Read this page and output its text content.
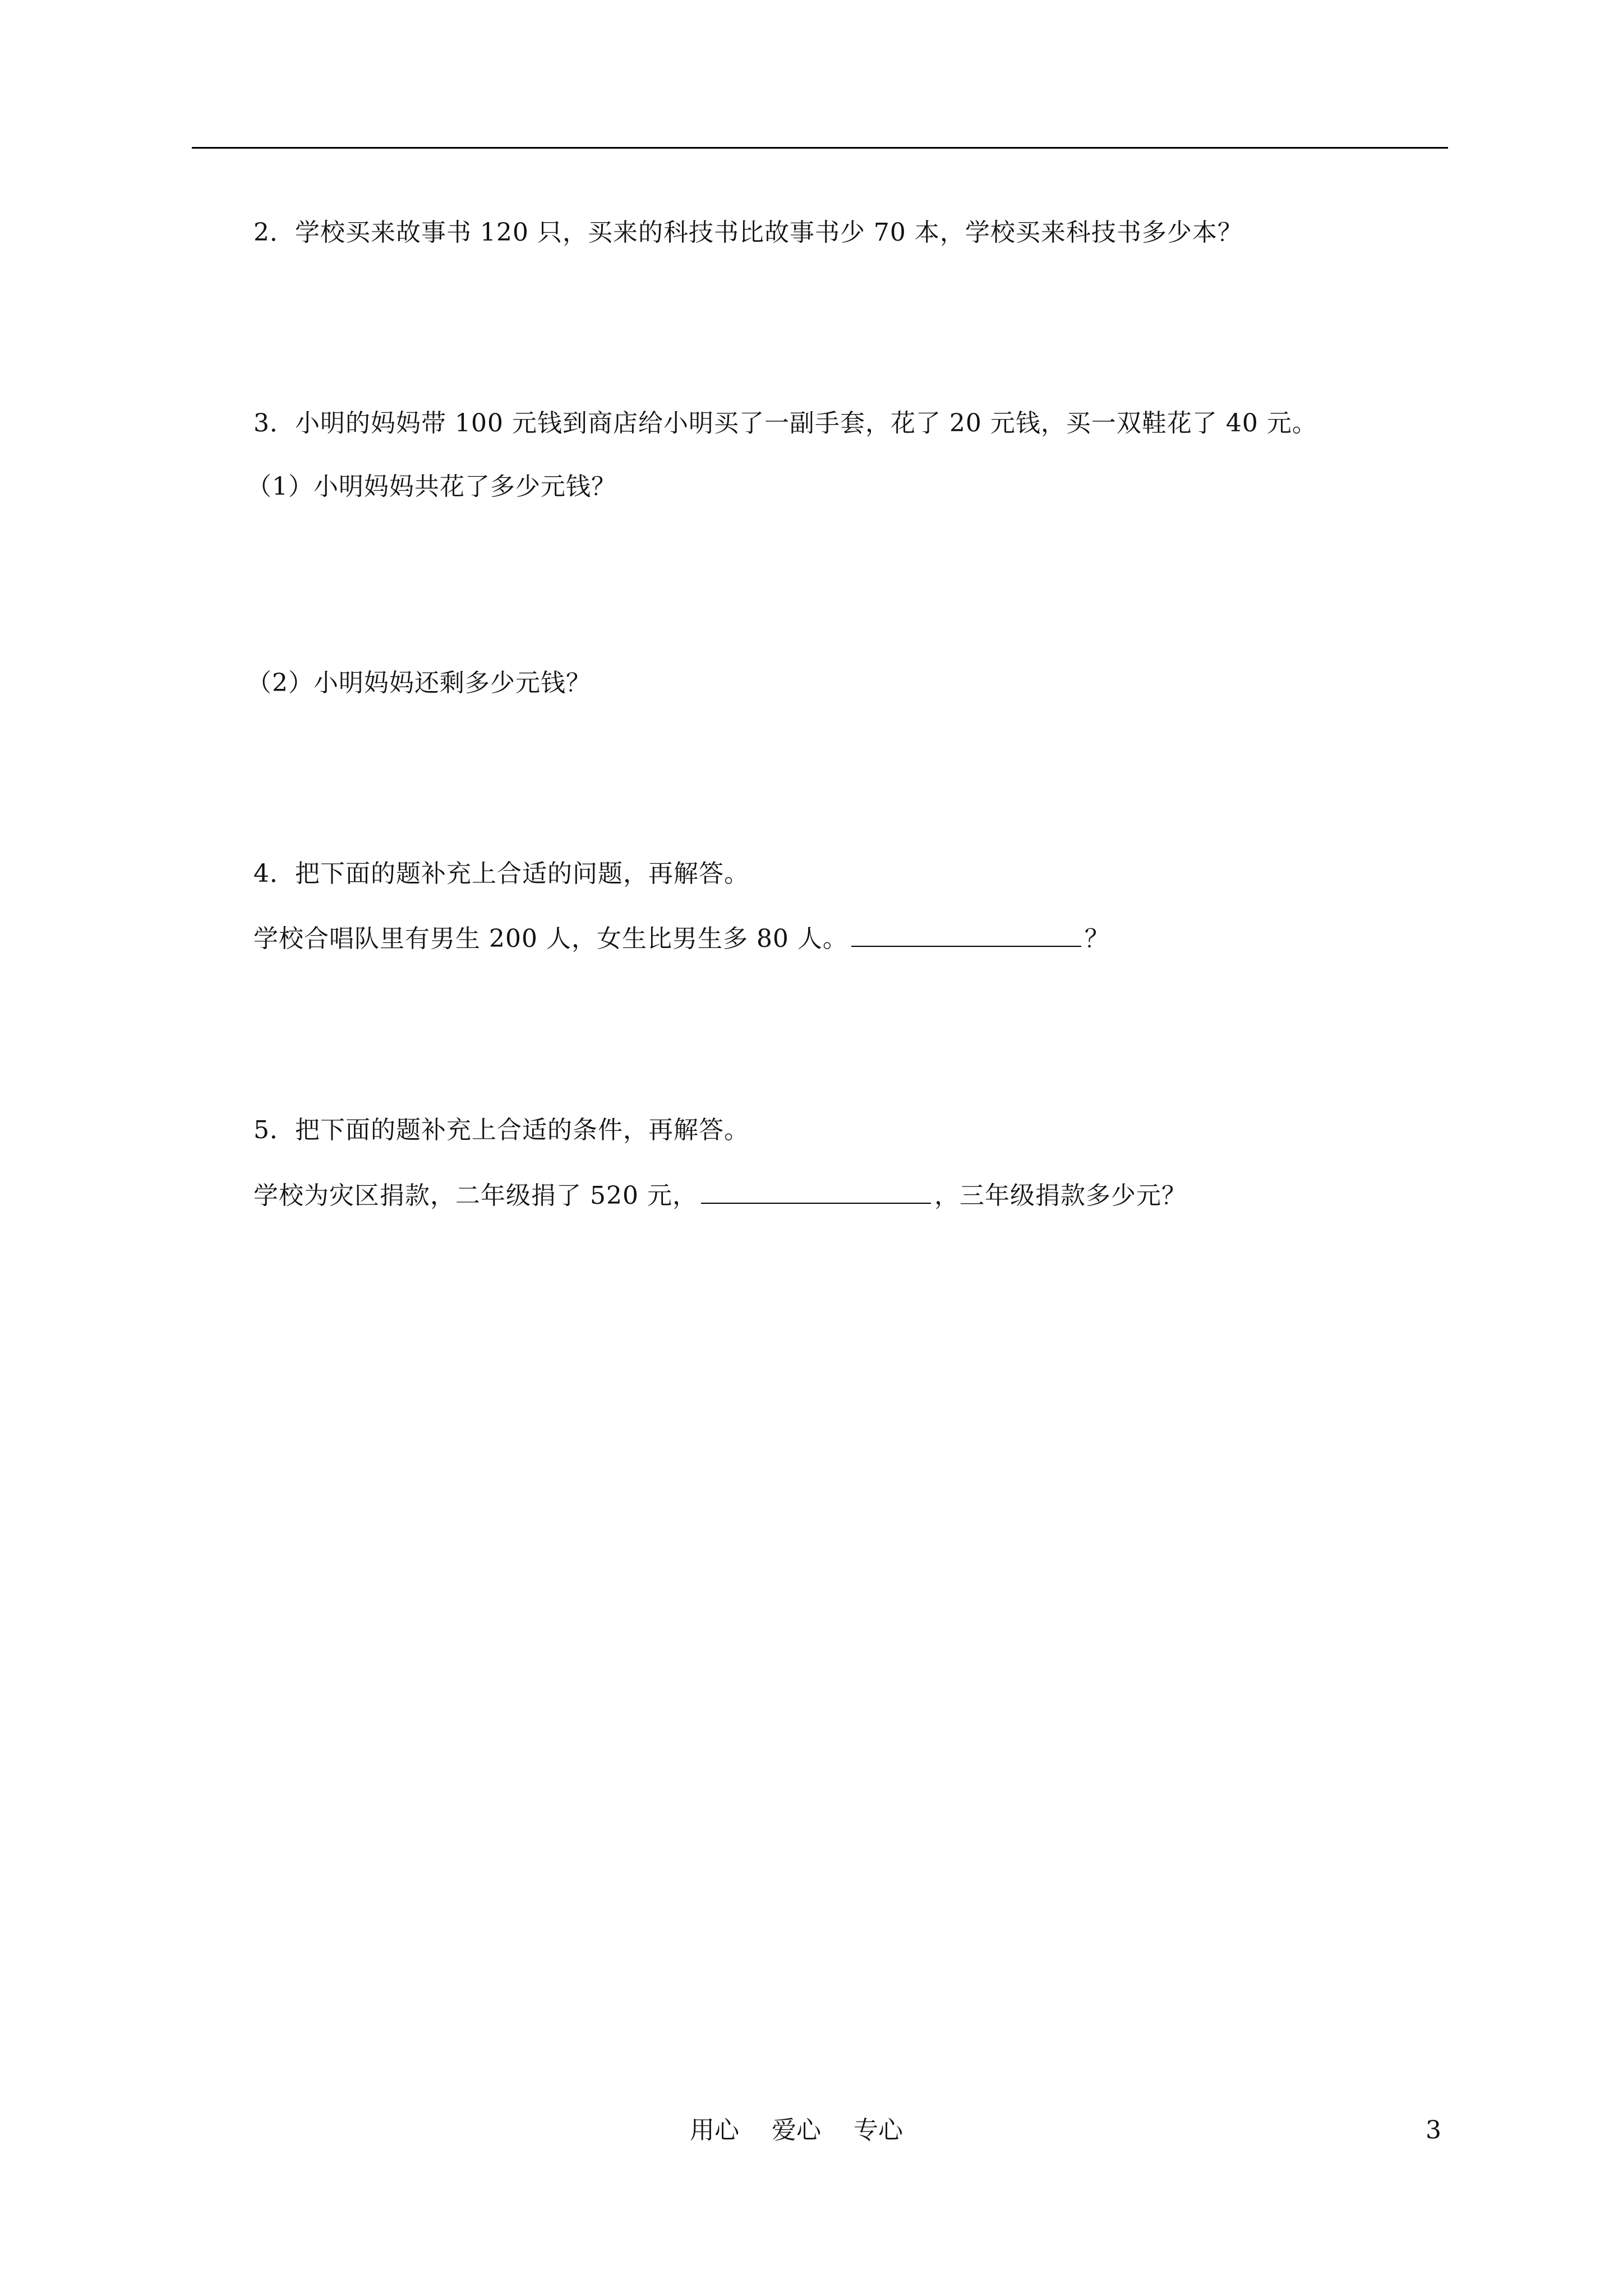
2．学校买来故事书 120 只，买来的科技书比故事书少 70 本，学校买来科技书多少本？
3．小明的妈妈带 100 元钱到商店给小明买了一副手套，花了 20 元钱，买一双鞋花了 40 元。
（1）小明妈妈共花了多少元钱？
（2）小明妈妈还剩多少元钱？
4．把下面的题补充上合适的问题，再解答。
学校合唱队里有男生 200 人，女生比男生多 80 人。	？
5．把下面的题补充上合适的条件，再解答。
学校为灾区捐款，二年级捐了 520 元，	，三年级捐款多少元？
用心　 爱心　 专心	3
